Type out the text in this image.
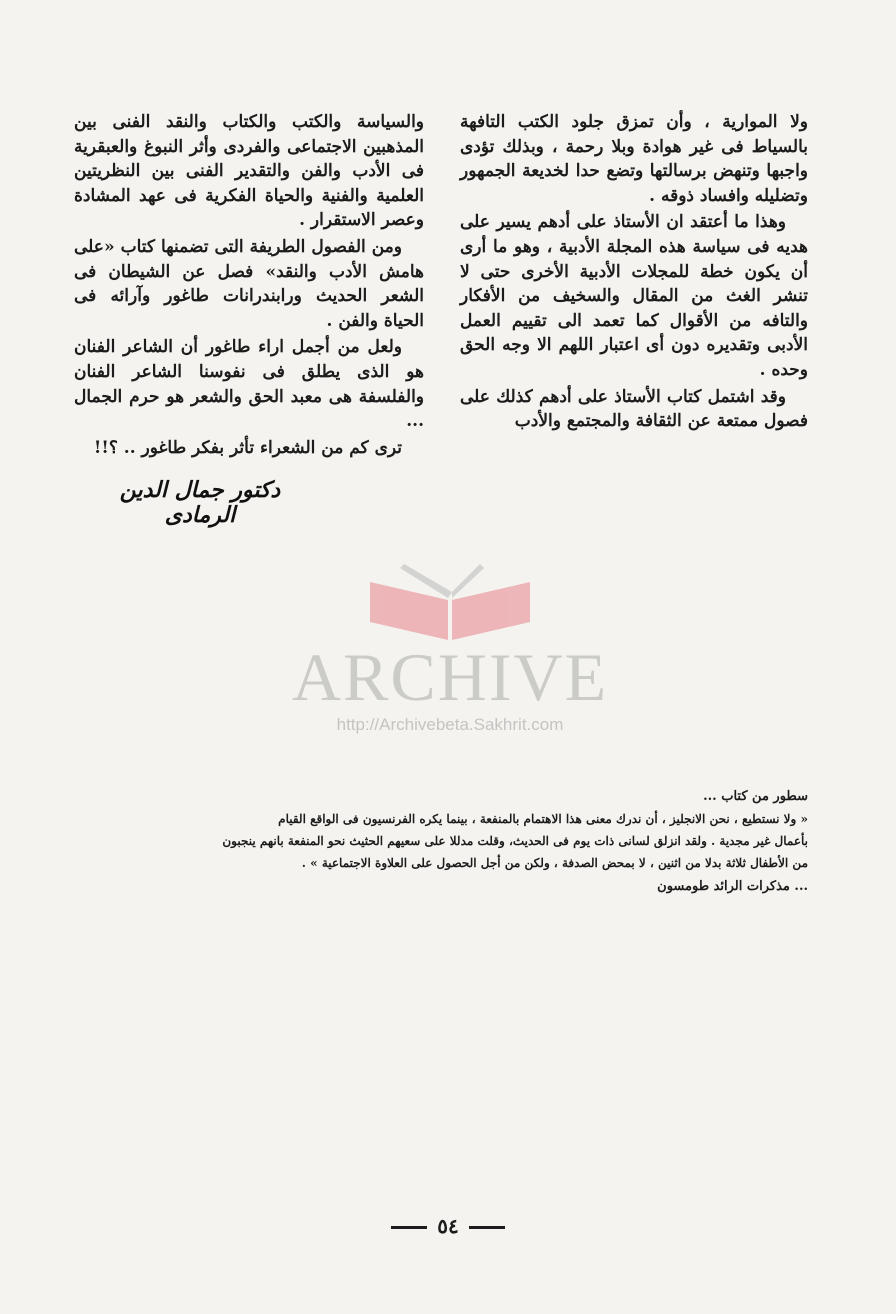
ولا الموارية ، وأن تمزق جلود الكتب التافهة بالسياط فى غير هوادة وبلا رحمة ، وبذلك تؤدى واجبها وتنهض برسالتها وتضع حدا لخديعة الجمهور وتضليله وافساد ذوقه .

وهذا ما أعتقد ان الأستاذ على أدهم يسير على هديه فى سياسة هذه المجلة الأدبية ، وهو ما أرى أن يكون خطة للمجلات الأدبية الأخرى حتى لا تنشر الغث من المقال والسخيف من الأفكار والتافه من الأقوال كما تعمد الى تقييم العمل الأدبى وتقديره دون أى اعتبار اللهم الا وجه الحق وحده .

وقد اشتمل كتاب الأستاذ على أدهم كذلك على فصول ممتعة عن الثقافة والمجتمع والأدب

والسياسة والكتب والكتاب والنقد الفنى بين المذهبين الاجتماعى والفردى وأثر النبوغ والعبقرية فى الأدب والفن والتقدير الفنى بين النظريتين العلمية والفنية والحياة الفكرية فى عهد المشادة وعصر الاستقرار .

ومن الفصول الطريفة التى تضمنها كتاب «على هامش الأدب والنقد» فصل عن الشيطان فى الشعر الحديث ورابندرانات طاغور وآرائه فى الحياة والفن .

ولعل من أجمل اراء طاغور أن الشاعر الفنان هو الذى يطلق فى نفوسنا الشاعر الفنان والفلسفة هى معبد الحق والشعر هو حرم الجمال ...

ترى كم من الشعراء تأثر بفكر طاغور .. ؟!!

دكتور جمال الدين الرمادى
ARCHIVE
http://Archivebeta.Sakhrit.com
سطور من كتاب ...
« ولا نستطيع ، نحن الانجليز ، أن ندرك معنى هذا الاهتمام بالمنفعة ، بينما يكره الفرنسيون فى الواقع القيام
بأعمال غير مجدية . ولقد انزلق لسانى ذات يوم فى الحديث، وقلت مدللا على سعيهم الحثيث نحو المنفعة بانهم ينجبون
من الأطفال ثلاثة بدلا من اثنين ، لا بمحض الصدفة ، ولكن من أجل الحصول على العلاوة الاجتماعية » .
... مذكرات الرائد طومسون
٥٤
